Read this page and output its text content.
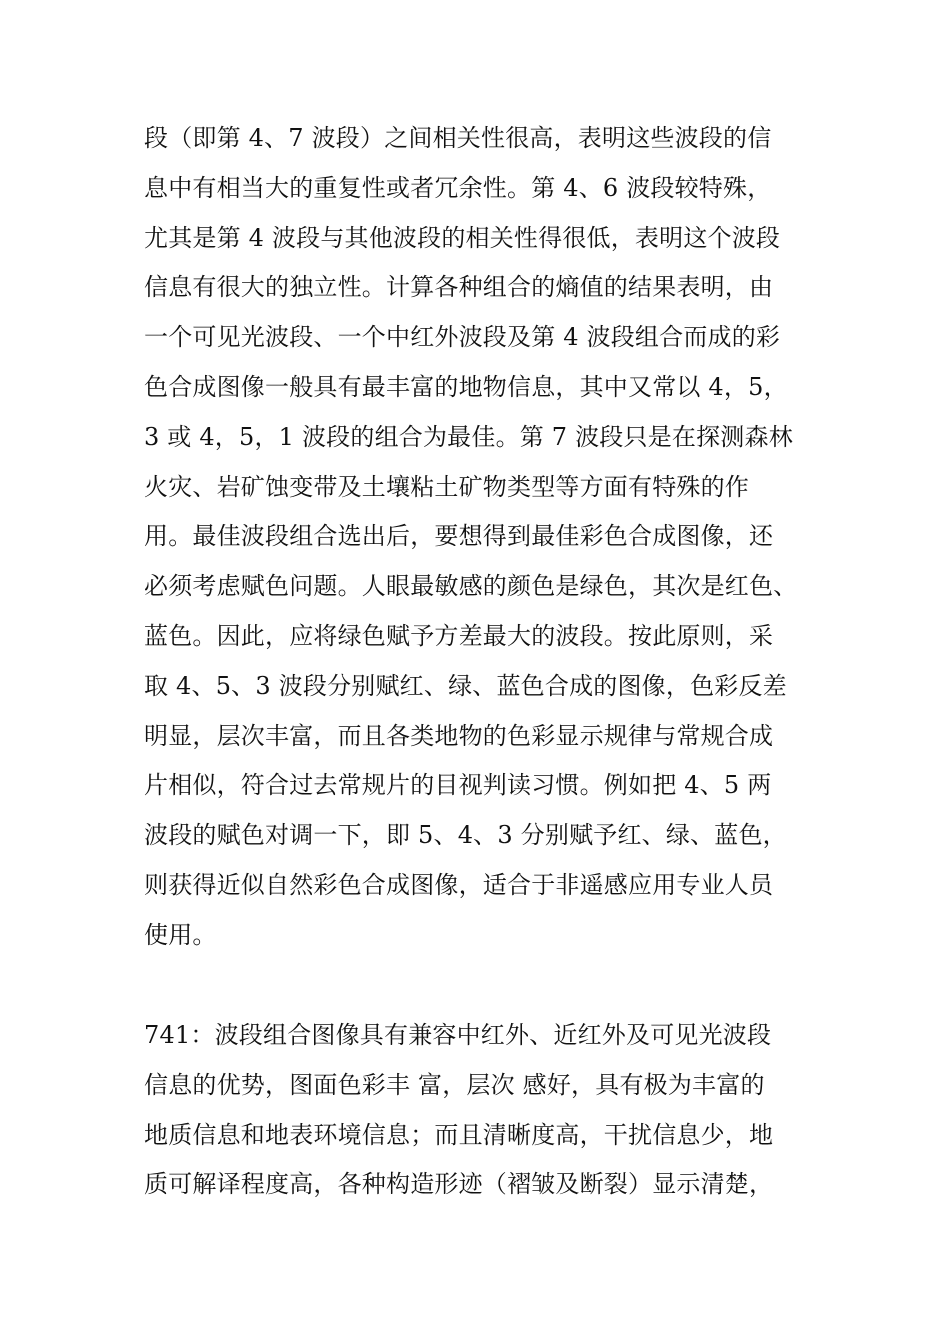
段（即第 4、7 波段）之间相关性很高，表明这些波段的信
息中有相当大的重复性或者冗余性。第 4、6 波段较特殊，
尤其是第 4 波段与其他波段的相关性得很低，表明这个波段
信息有很大的独立性。计算各种组合的熵值的结果表明，由
一个可见光波段、一个中红外波段及第 4 波段组合而成的彩
色合成图像一般具有最丰富的地物信息，其中又常以 4，5，
3 或 4，5，1 波段的组合为最佳。第 7 波段只是在探测森林
火灾、岩矿蚀变带及土壤粘土矿物类型等方面有特殊的作
用。最佳波段组合选出后，要想得到最佳彩色合成图像，还
必须考虑赋色问题。人眼最敏感的颜色是绿色，其次是红色、
蓝色。因此，应将绿色赋予方差最大的波段。按此原则，采
取 4、5、3 波段分别赋红、绿、蓝色合成的图像，色彩反差
明显，层次丰富，而且各类地物的色彩显示规律与常规合成
片相似，符合过去常规片的目视判读习惯。例如把 4、5 两
波段的赋色对调一下，即 5、4、3 分别赋予红、绿、蓝色，
则获得近似自然彩色合成图像，适合于非遥感应用专业人员
使用。
741：波段组合图像具有兼容中红外、近红外及可见光波段
信息的优势，图面色彩丰 富，层次 感好，具有极为丰富的
地质信息和地表环境信息；而且清晰度高，干扰信息少，地
质可解译程度高，各种构造形迹（褶皱及断裂）显示清楚，
